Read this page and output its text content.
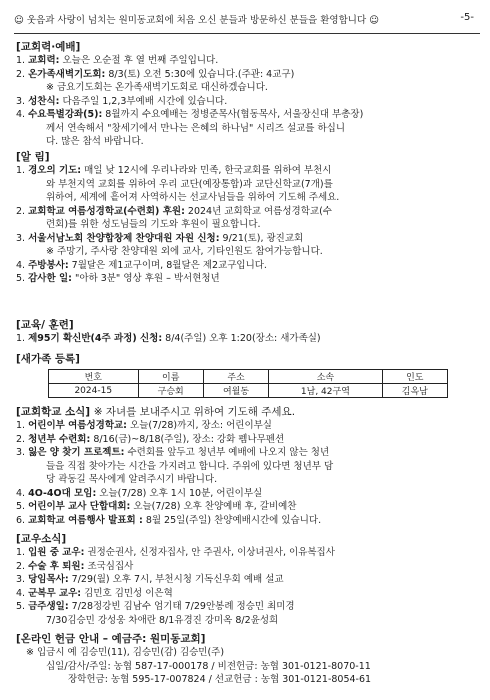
☺ 웃음과 사랑이 넘치는 원미동교회에 처음 오신 분들과 방문하신 분들을 환영합니다 ☺	-5-
[교회력·예배]
1. 교회력: 오늘은 오순절 후 열 번째 주일입니다.
2. 온가족새벽기도회: 8/3(토) 오전 5:30에 있습니다.(주관: 4교구)
※ 금요기도회는 온가족새벽기도회로 대신하겠습니다.
3. 성찬식: 다음주일 1,2,3부예배 시간에 있습니다.
4. 수요특별강좌(5): 8월까지 수요예배는 정병준목사(협동목사, 서울장신대 부총장)
께서 연속해서 "창세기에서 만나는 은혜의 하나님" 시리즈 설교를 하십니
다. 많은 참석 바랍니다.
[알 림]
1. 경오의 기도: 매일 낮 12시에 우리나라와 민족, 한국교회를 위하여 부천시
와 부천지역 교회를 위하여 우리 교단(예장통합)과 교단신학교(7개)를
위하여, 세계에 흩어져 사역하시는 선교사님들을 위하여 기도해 주세요.
2. 교회학교 여름성경학교(수련회) 후원: 2024년 교회학교 여름성경학교(수
련회)를 위한 성도님들의 기도와 후원이 필요합니다.
3. 서울서남노회 찬양합창제 찬양대원 자원 신청: 9/21(토), 광진교회
※ 주망기, 주사랑 찬양대원 외에 교사, 기타인원도 참여가능합니다.
4. 주방봉사: 7월달은 제1교구이며, 8월달은 제2교구입니다.
5. 감사한 일: "아하 3분" 영상 후원 – 박서현청년
[교육/ 훈련]
1. 제95기 확신반(4주 과정) 신청: 8/4(주일) 오후 1:20(장소: 새가족실)
[새가족 등록]
번호	이름	주소	소속	인도
2024-15	구승회	여월동	1남, 42구역	김옥남
[교회학교 소식] ※ 자녀를 보내주시고 위하여 기도해 주세요.
1. 어린이부 여름성경학교: 오늘(7/28)까지, 장소: 어린이부실
2. 청년부 수련회: 8/16(금)~8/18(주일), 장소: 강화 펨나무펜션
3. 잃은 양 찾기 프로젝트: 수련회를 앞두고 청년부 예배에 나오지 않는 청년
들을 직접 찾아가는 시간을 가지려고 합니다. 주위에 있다면 청년부 담
당 곽동길 목사에게 알려주시기 바랍니다.
4. 4O-4O대 모임: 오늘(7/28) 오후 1시 10분, 어린이부실
5. 어린이부 교사 단합대회: 오늘(7/28) 오후 찬양예배 후, 갈비예찬
6. 교회학교 여름행사 발표회 : 8월 25일(주일) 찬양예배시간에 있습니다.
[교우소식]
1. 입원 중 교우: 권정순권사, 신정자집사, 안 주권사, 이상녀권사, 이유복집사
2. 수술 후 퇴원: 조국심집사
3. 당임목사: 7/29(월) 오후 7시, 부천시청 기독신우회 예배 설교
4. 군복무 교우: 김민호 김민성 이은혁
5. 금주생일: 7/28정강빈 김남수 엄기태 7/29안봉례 정승민 최미경
7/30김승민 강성웅 차애란 8/1유경진 강미옥 8/2윤성희
[온라인 헌금 안내 – 예금주: 원미동교회]
※ 입금시 예 김승민(11), 김승민(감) 김승민(주)
십일/감사/주일: 농협 587-17-000178 / 비전헌금: 농협 301-0121-8070-11
장학헌금: 농협 595-17-007824 / 선교헌금 : 농협 301-0121-8054-61
